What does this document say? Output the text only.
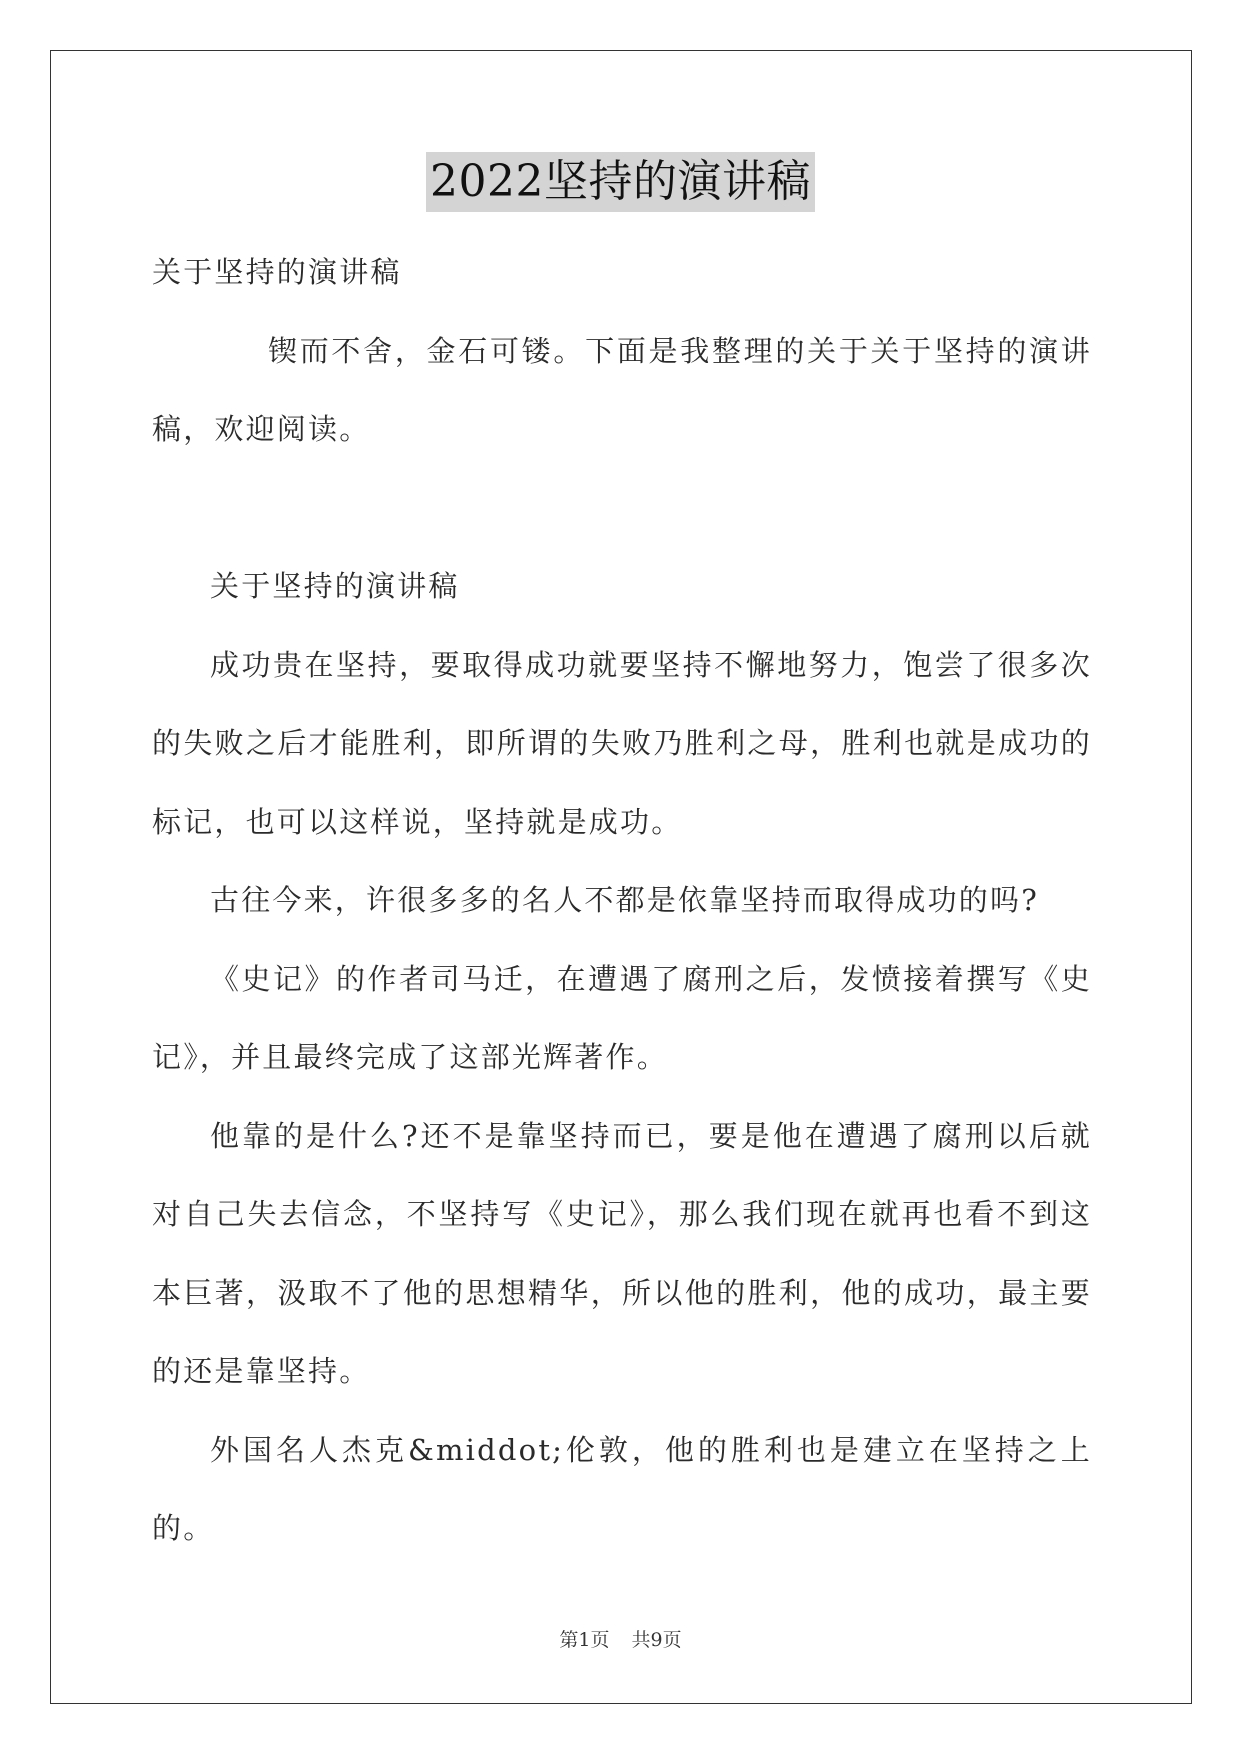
2022坚持的演讲稿

关于坚持的演讲稿

锲而不舍，金石可镂。下面是我整理的关于关于坚持的演讲稿，欢迎阅读。

关于坚持的演讲稿

成功贵在坚持，要取得成功就要坚持不懈地努力，饱尝了很多次的失败之后才能胜利，即所谓的失败乃胜利之母，胜利也就是成功的标记，也可以这样说，坚持就是成功。

古往今来，许很多多的名人不都是依靠坚持而取得成功的吗?

《史记》的作者司马迁，在遭遇了腐刑之后，发愤接着撰写《史记》，并且最终完成了这部光辉著作。

他靠的是什么?还不是靠坚持而已，要是他在遭遇了腐刑以后就对自己失去信念，不坚持写《史记》，那么我们现在就再也看不到这本巨著，汲取不了他的思想精华，所以他的胜利，他的成功，最主要的还是靠坚持。

外国名人杰克&middot;伦敦，他的胜利也是建立在坚持之上的。

第1页 共9页
